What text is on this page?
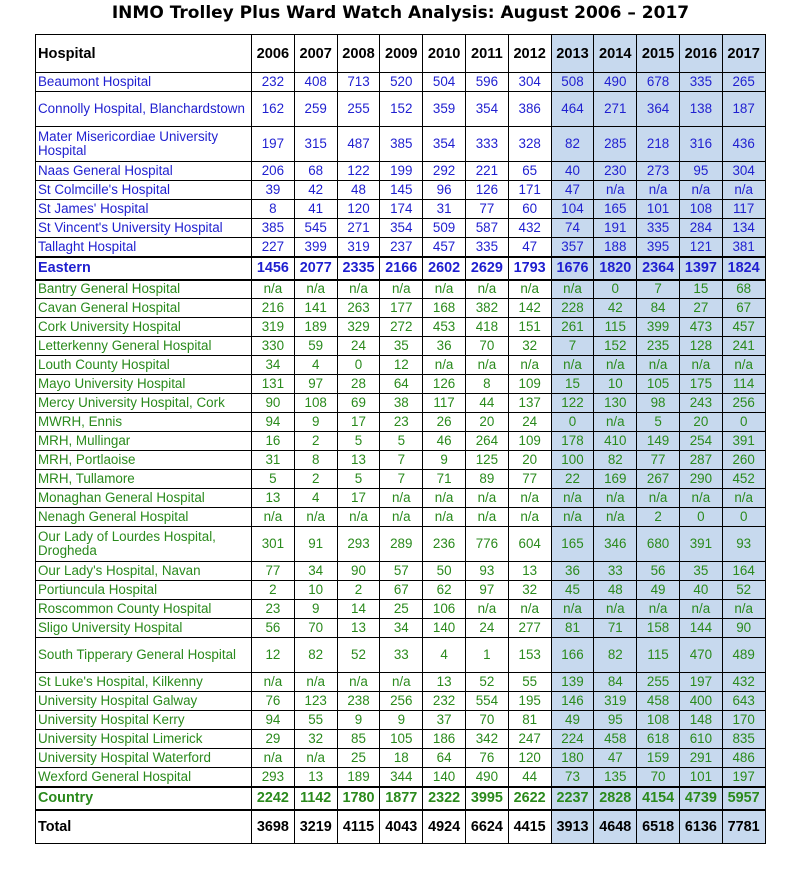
INMO Trolley Plus Ward Watch Analysis: August 2006 – 2017
Hospital	2006	2007	2008	2009	2010	2011	2012	2013	2014	2015	2016	2017
Beaumont Hospital	232	408	713	520	504	596	304	508	490	678	335	265
Connolly Hospital, Blanchardstown	162	259	255	152	359	354	386	464	271	364	138	187
Mater Misericordiae University Hospital	197	315	487	385	354	333	328	82	285	218	316	436
Naas General Hospital	206	68	122	199	292	221	65	40	230	273	95	304
St Colmcille's Hospital	39	42	48	145	96	126	171	47	n/a	n/a	n/a	n/a
St James' Hospital	8	41	120	174	31	77	60	104	165	101	108	117
St Vincent's University Hospital	385	545	271	354	509	587	432	74	191	335	284	134
Tallaght Hospital	227	399	319	237	457	335	47	357	188	395	121	381
Eastern	1456	2077	2335	2166	2602	2629	1793	1676	1820	2364	1397	1824
Bantry General Hospital	n/a	n/a	n/a	n/a	n/a	n/a	n/a	n/a	0	7	15	68
Cavan General Hospital	216	141	263	177	168	382	142	228	42	84	27	67
Cork University Hospital	319	189	329	272	453	418	151	261	115	399	473	457
Letterkenny General Hospital	330	59	24	35	36	70	32	7	152	235	128	241
Louth County Hospital	34	4	0	12	n/a	n/a	n/a	n/a	n/a	n/a	n/a	n/a
Mayo University Hospital	131	97	28	64	126	8	109	15	10	105	175	114
Mercy University Hospital, Cork	90	108	69	38	117	44	137	122	130	98	243	256
MWRH, Ennis	94	9	17	23	26	20	24	0	n/a	5	20	0
MRH, Mullingar	16	2	5	5	46	264	109	178	410	149	254	391
MRH, Portlaoise	31	8	13	7	9	125	20	100	82	77	287	260
MRH, Tullamore	5	2	5	7	71	89	77	22	169	267	290	452
Monaghan General Hospital	13	4	17	n/a	n/a	n/a	n/a	n/a	n/a	n/a	n/a	n/a
Nenagh General Hospital	n/a	n/a	n/a	n/a	n/a	n/a	n/a	n/a	n/a	2	0	0
Our Lady of Lourdes Hospital, Drogheda	301	91	293	289	236	776	604	165	346	680	391	93
Our Lady's Hospital, Navan	77	34	90	57	50	93	13	36	33	56	35	164
Portiuncula Hospital	2	10	2	67	62	97	32	45	48	49	40	52
Roscommon County Hospital	23	9	14	25	106	n/a	n/a	n/a	n/a	n/a	n/a	n/a
Sligo University Hospital	56	70	13	34	140	24	277	81	71	158	144	90
South Tipperary General Hospital	12	82	52	33	4	1	153	166	82	115	470	489
St Luke's Hospital, Kilkenny	n/a	n/a	n/a	n/a	13	52	55	139	84	255	197	432
University Hospital Galway	76	123	238	256	232	554	195	146	319	458	400	643
University Hospital Kerry	94	55	9	9	37	70	81	49	95	108	148	170
University Hospital Limerick	29	32	85	105	186	342	247	224	458	618	610	835
University Hospital Waterford	n/a	n/a	25	18	64	76	120	180	47	159	291	486
Wexford General Hospital	293	13	189	344	140	490	44	73	135	70	101	197
Country	2242	1142	1780	1877	2322	3995	2622	2237	2828	4154	4739	5957
Total	3698	3219	4115	4043	4924	6624	4415	3913	4648	6518	6136	7781
